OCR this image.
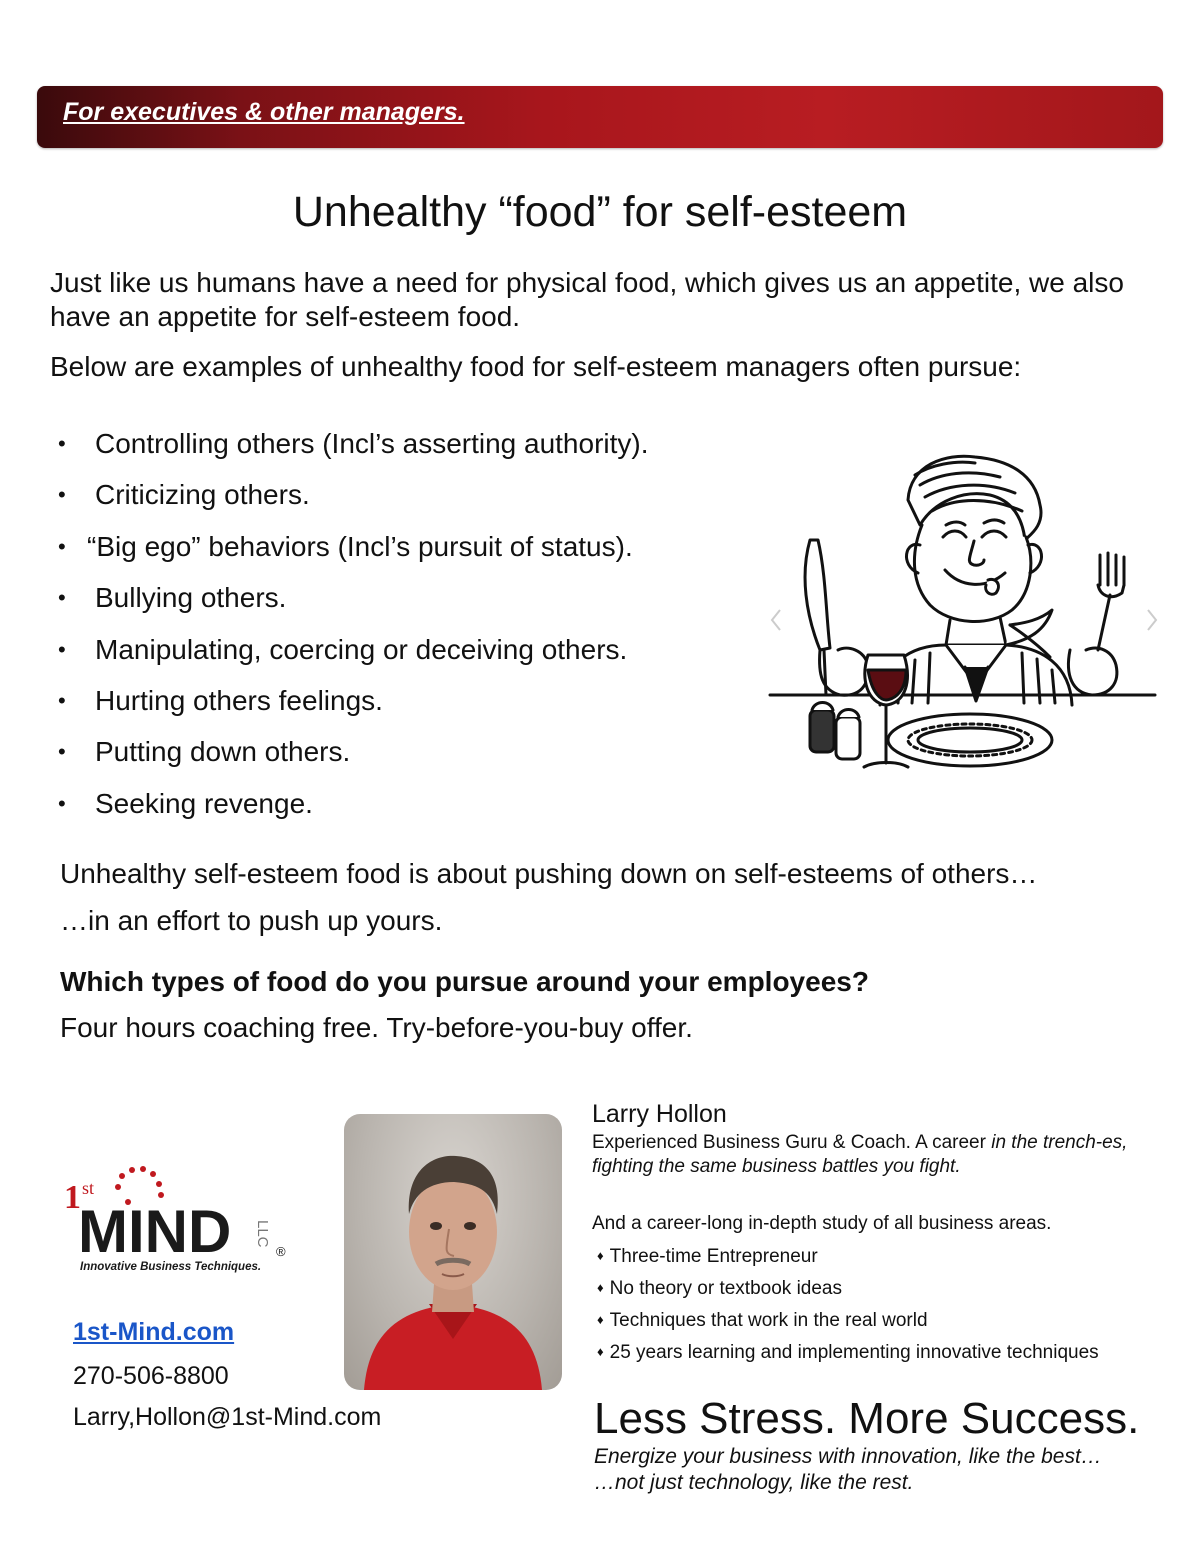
For executives & other managers.
Unhealthy “food” for self-esteem
Just like us humans have a need for physical food, which gives us an appetite, we also have an appetite for self-esteem food.
Below are examples of unhealthy food for self-esteem managers often pursue:
•	Controlling others (Incl’s asserting authority).
•	Criticizing others.
• “Big ego” behaviors (Incl’s pursuit of status).
•	Bullying others.
•	Manipulating, coercing or deceiving others.
•	Hurting others feelings.
•	Putting down others.
•	Seeking revenge.
Unhealthy self-esteem food is about pushing down on self-esteems of others…
…in an effort to push up yours.
Which types of food do you pursue around your employees?
Four hours coaching free. Try-before-you-buy offer.
1 st
MIND LLC
®
Innovative Business Techniques.
1st-Mind.com
270-506-8800
Larry,Hollon@1st-Mind.com
Larry Hollon
Experienced Business Guru & Coach. A career in the trench-es, fighting the same business battles you fight.
And a career-long in-depth study of all business areas.
♦ Three-time Entrepreneur
♦ No theory or textbook ideas
♦ Techniques that work in the real world
♦ 25 years learning and implementing innovative techniques
Less Stress. More Success.
Energize your business with innovation, like the best…
…not just technology, like the rest.
